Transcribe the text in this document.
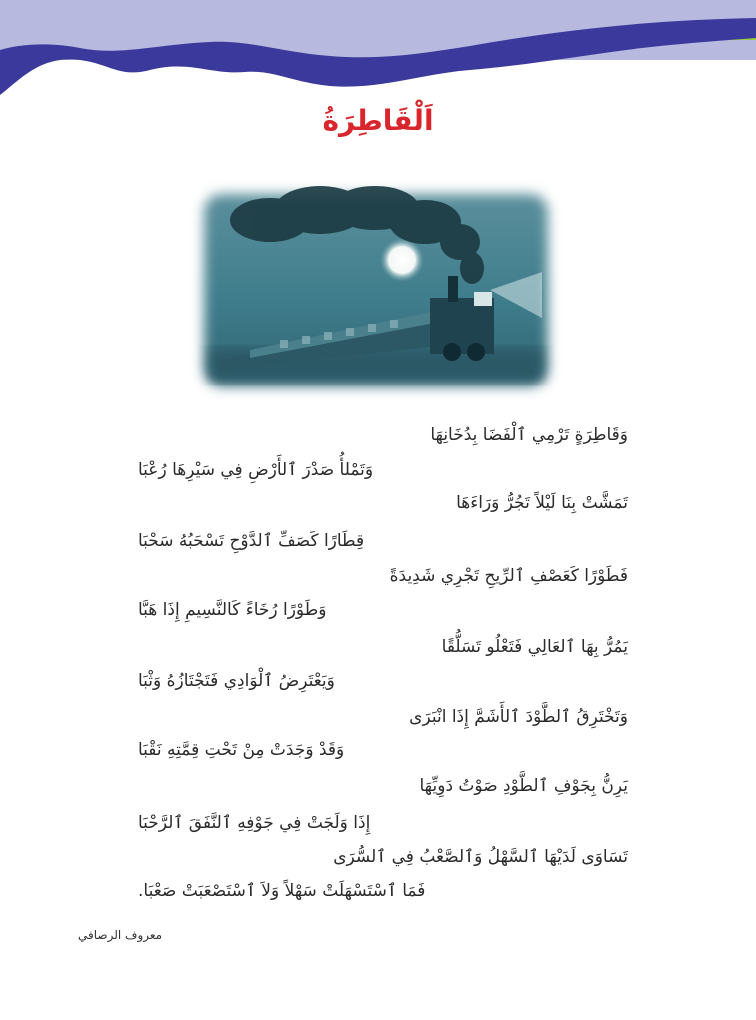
اَلْقَاطِرَةُ
وَقَاطِرَةٍ تَرْمِي ٱلْفَضَا بِدُخَانِهَا
وَتَمْلأُ صَدْرَ ٱلأَرْضِ فِي سَيْرِهَا رُعْبَا
تَمَشَّتْ بِنَا لَيْلاً تَجُرُّ وَرَاءَهَا
قِطَارًا كَصَفِّ ٱلدَّوْحِ تَسْحَبُهُ سَحْبَا
فَطَوْرًا كَعَصْفِ ٱلرِّيحِ تَجْرِي شَدِيدَةً
وَطَوْرًا رُخَاءً كَالنَّسِيمِ إِذَا هَبَّا
يَمُرُّ بِهَا ٱلعَالِي فَتَعْلُو تَسَلُّقًا
وَيَعْتَرِضُ ٱلْوَادِي فَتَجْتَازُهُ وَثْبَا
وَتَخْتَرِقُ ٱلطَّوْدَ ٱلأَشَمَّ إِذَا انْبَرَى
وَقَدْ وَجَدَتْ مِنْ تَحْتِ قِمَّتِهِ نَقْبَا
يَرِنُّ بِجَوْفِ ٱلطَّوْدِ صَوْتُ دَوِيِّهَا
إِذَا وَلَجَتْ فِي جَوْفِهِ ٱلنَّفَقَ ٱلرَّحْبَا
تَسَاوَى لَدَيْهَا ٱلسَّهْلُ وَٱلصَّعْبُ فِي ٱلسُّرَى
فَمَا ٱسْتَسْهَلَتْ سَهْلاً وَلاَ ٱسْتَصْعَبَتْ صَعْبَا.
معروف الرصافي
